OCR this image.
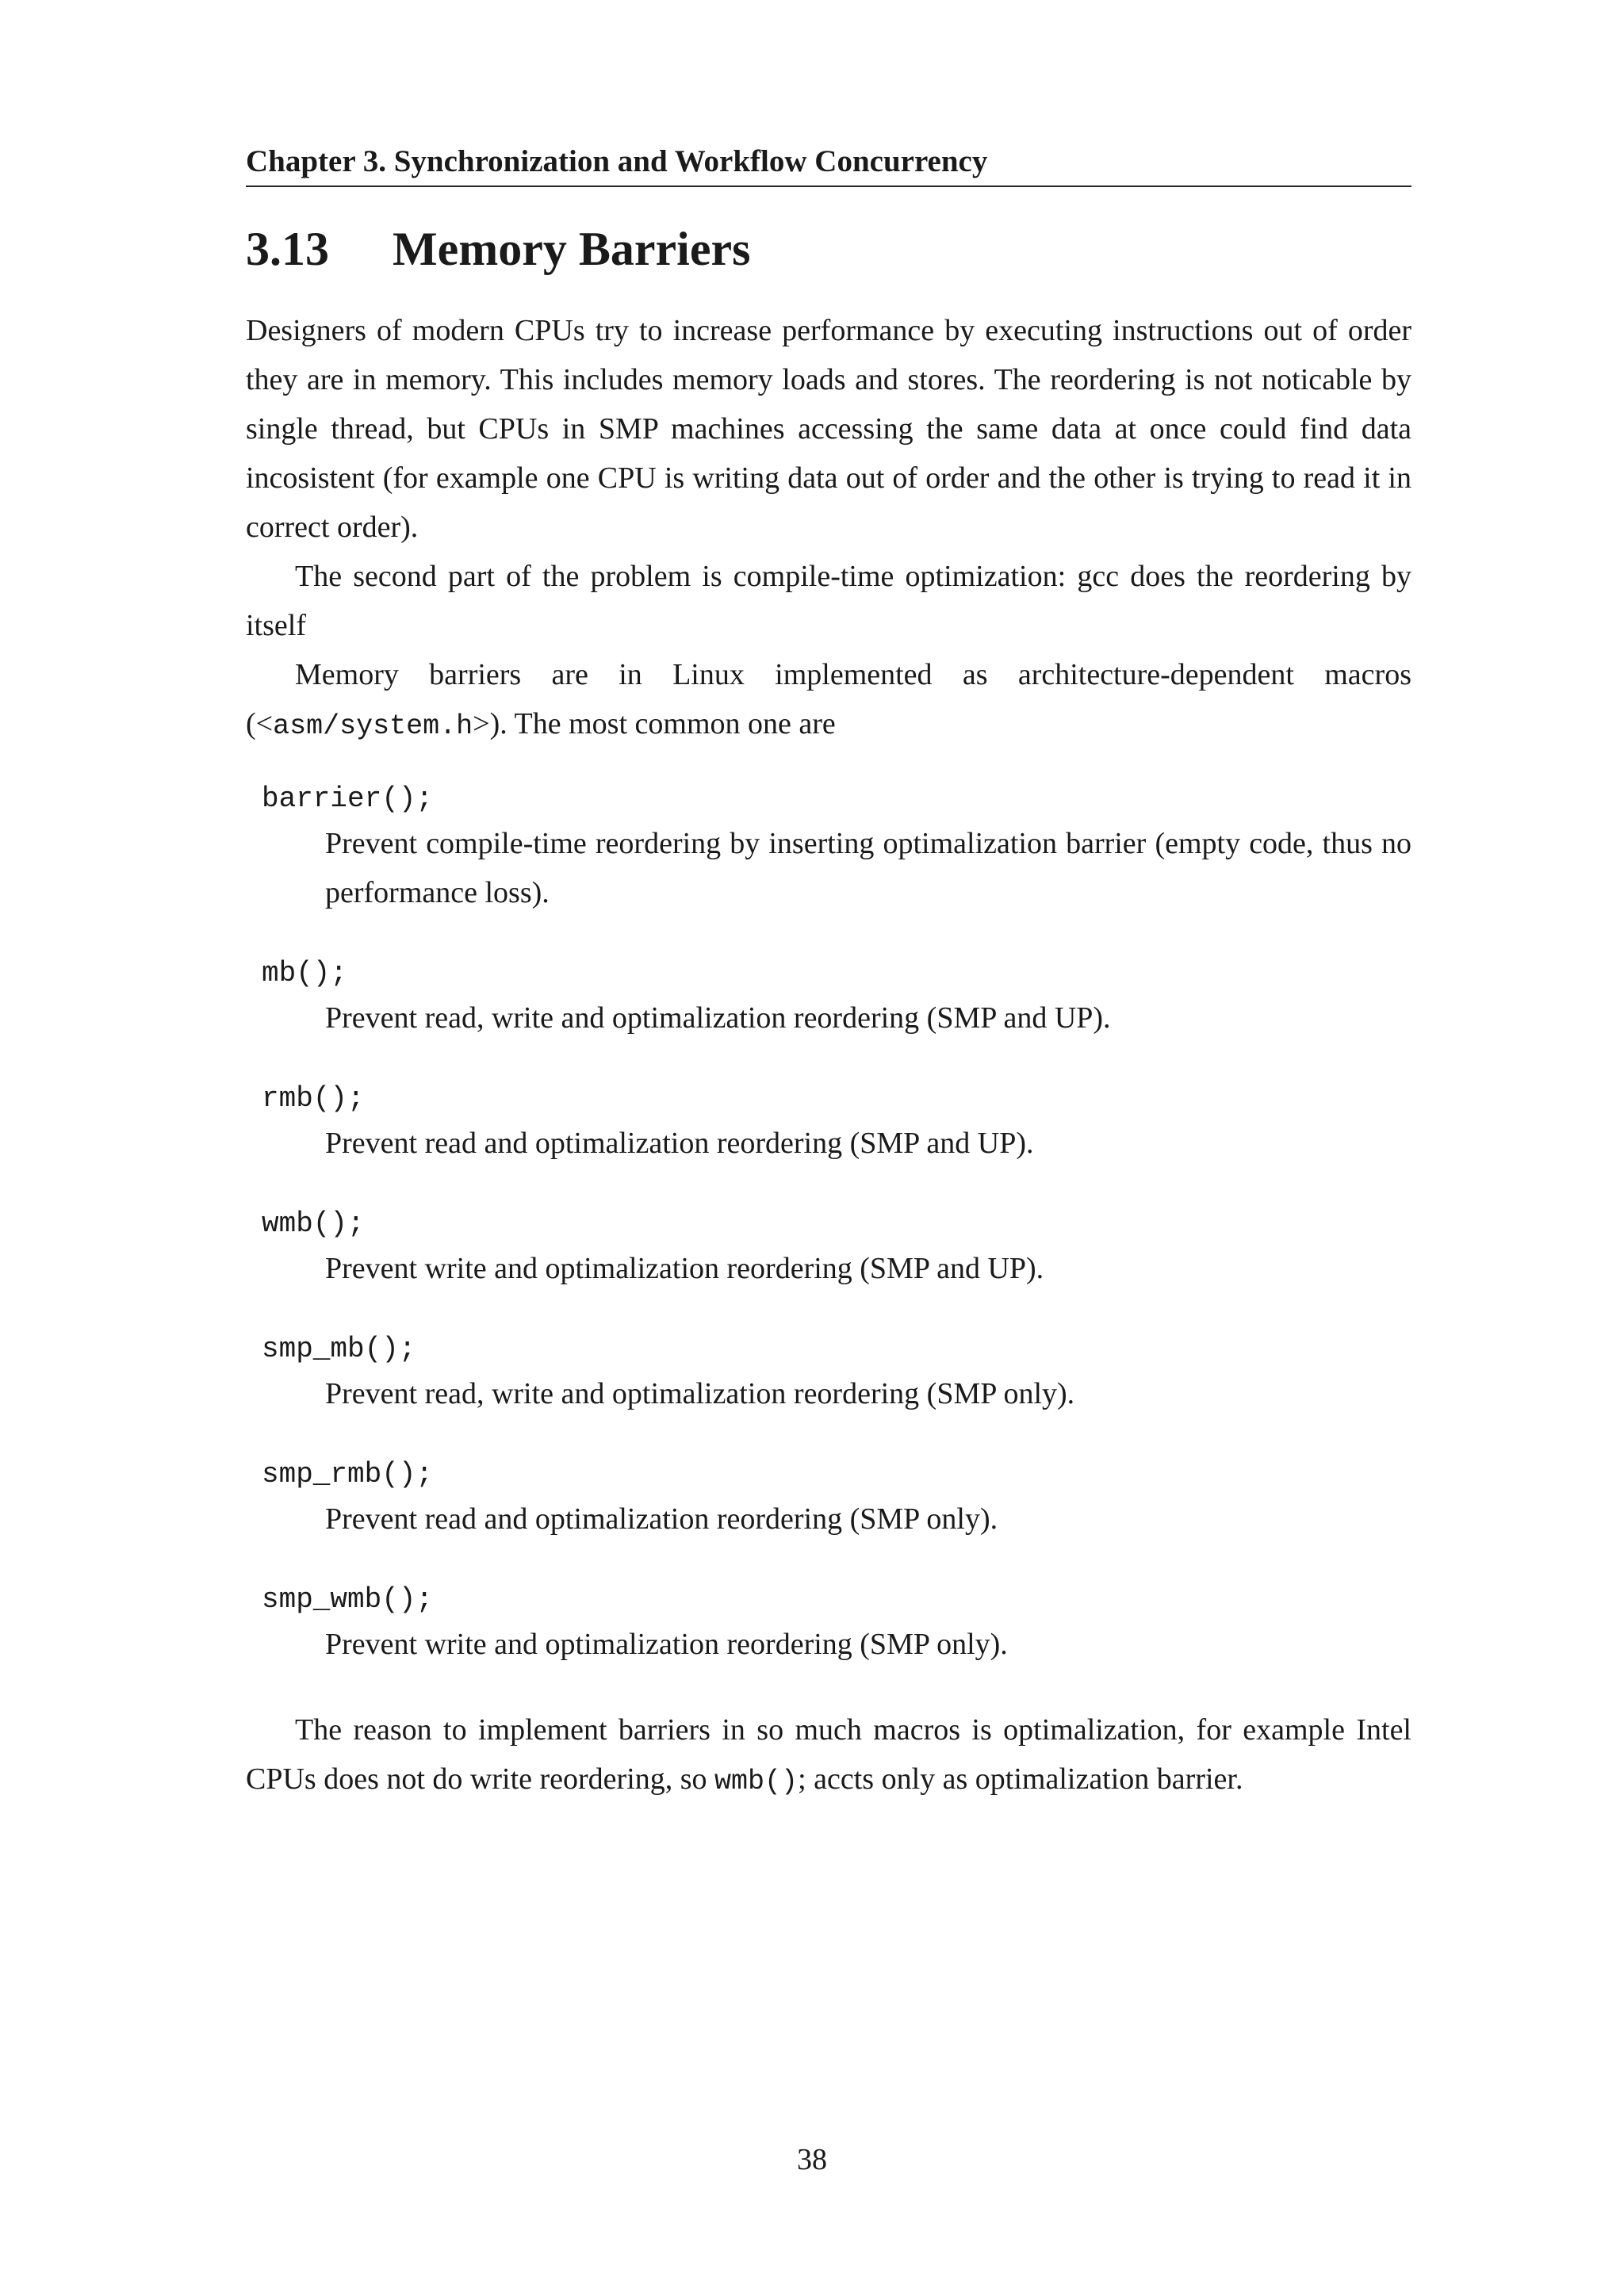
Chapter 3. Synchronization and Workflow Concurrency
3.13 Memory Barriers

Designers of modern CPUs try to increase performance by executing instructions out of order they are in memory. This includes memory loads and stores. The reordering is not noticable by single thread, but CPUs in SMP machines accessing the same data at once could find data incosistent (for example one CPU is writing data out of order and the other is trying to read it in correct order).

The second part of the problem is compile-time optimization: gcc does the reordering by itself

Memory barriers are in Linux implemented as architecture-dependent macros (<asm/system.h>). The most common one are

barrier();
Prevent compile-time reordering by inserting optimalization barrier (empty code, thus no performance loss).
mb();
Prevent read, write and optimalization reordering (SMP and UP).
rmb();
Prevent read and optimalization reordering (SMP and UP).
wmb();
Prevent write and optimalization reordering (SMP and UP).
smp_mb();
Prevent read, write and optimalization reordering (SMP only).
smp_rmb();
Prevent read and optimalization reordering (SMP only).
smp_wmb();
Prevent write and optimalization reordering (SMP only).

The reason to implement barriers in so much macros is optimalization, for example Intel CPUs does not do write reordering, so wmb(); accts only as optimalization barrier.

38
